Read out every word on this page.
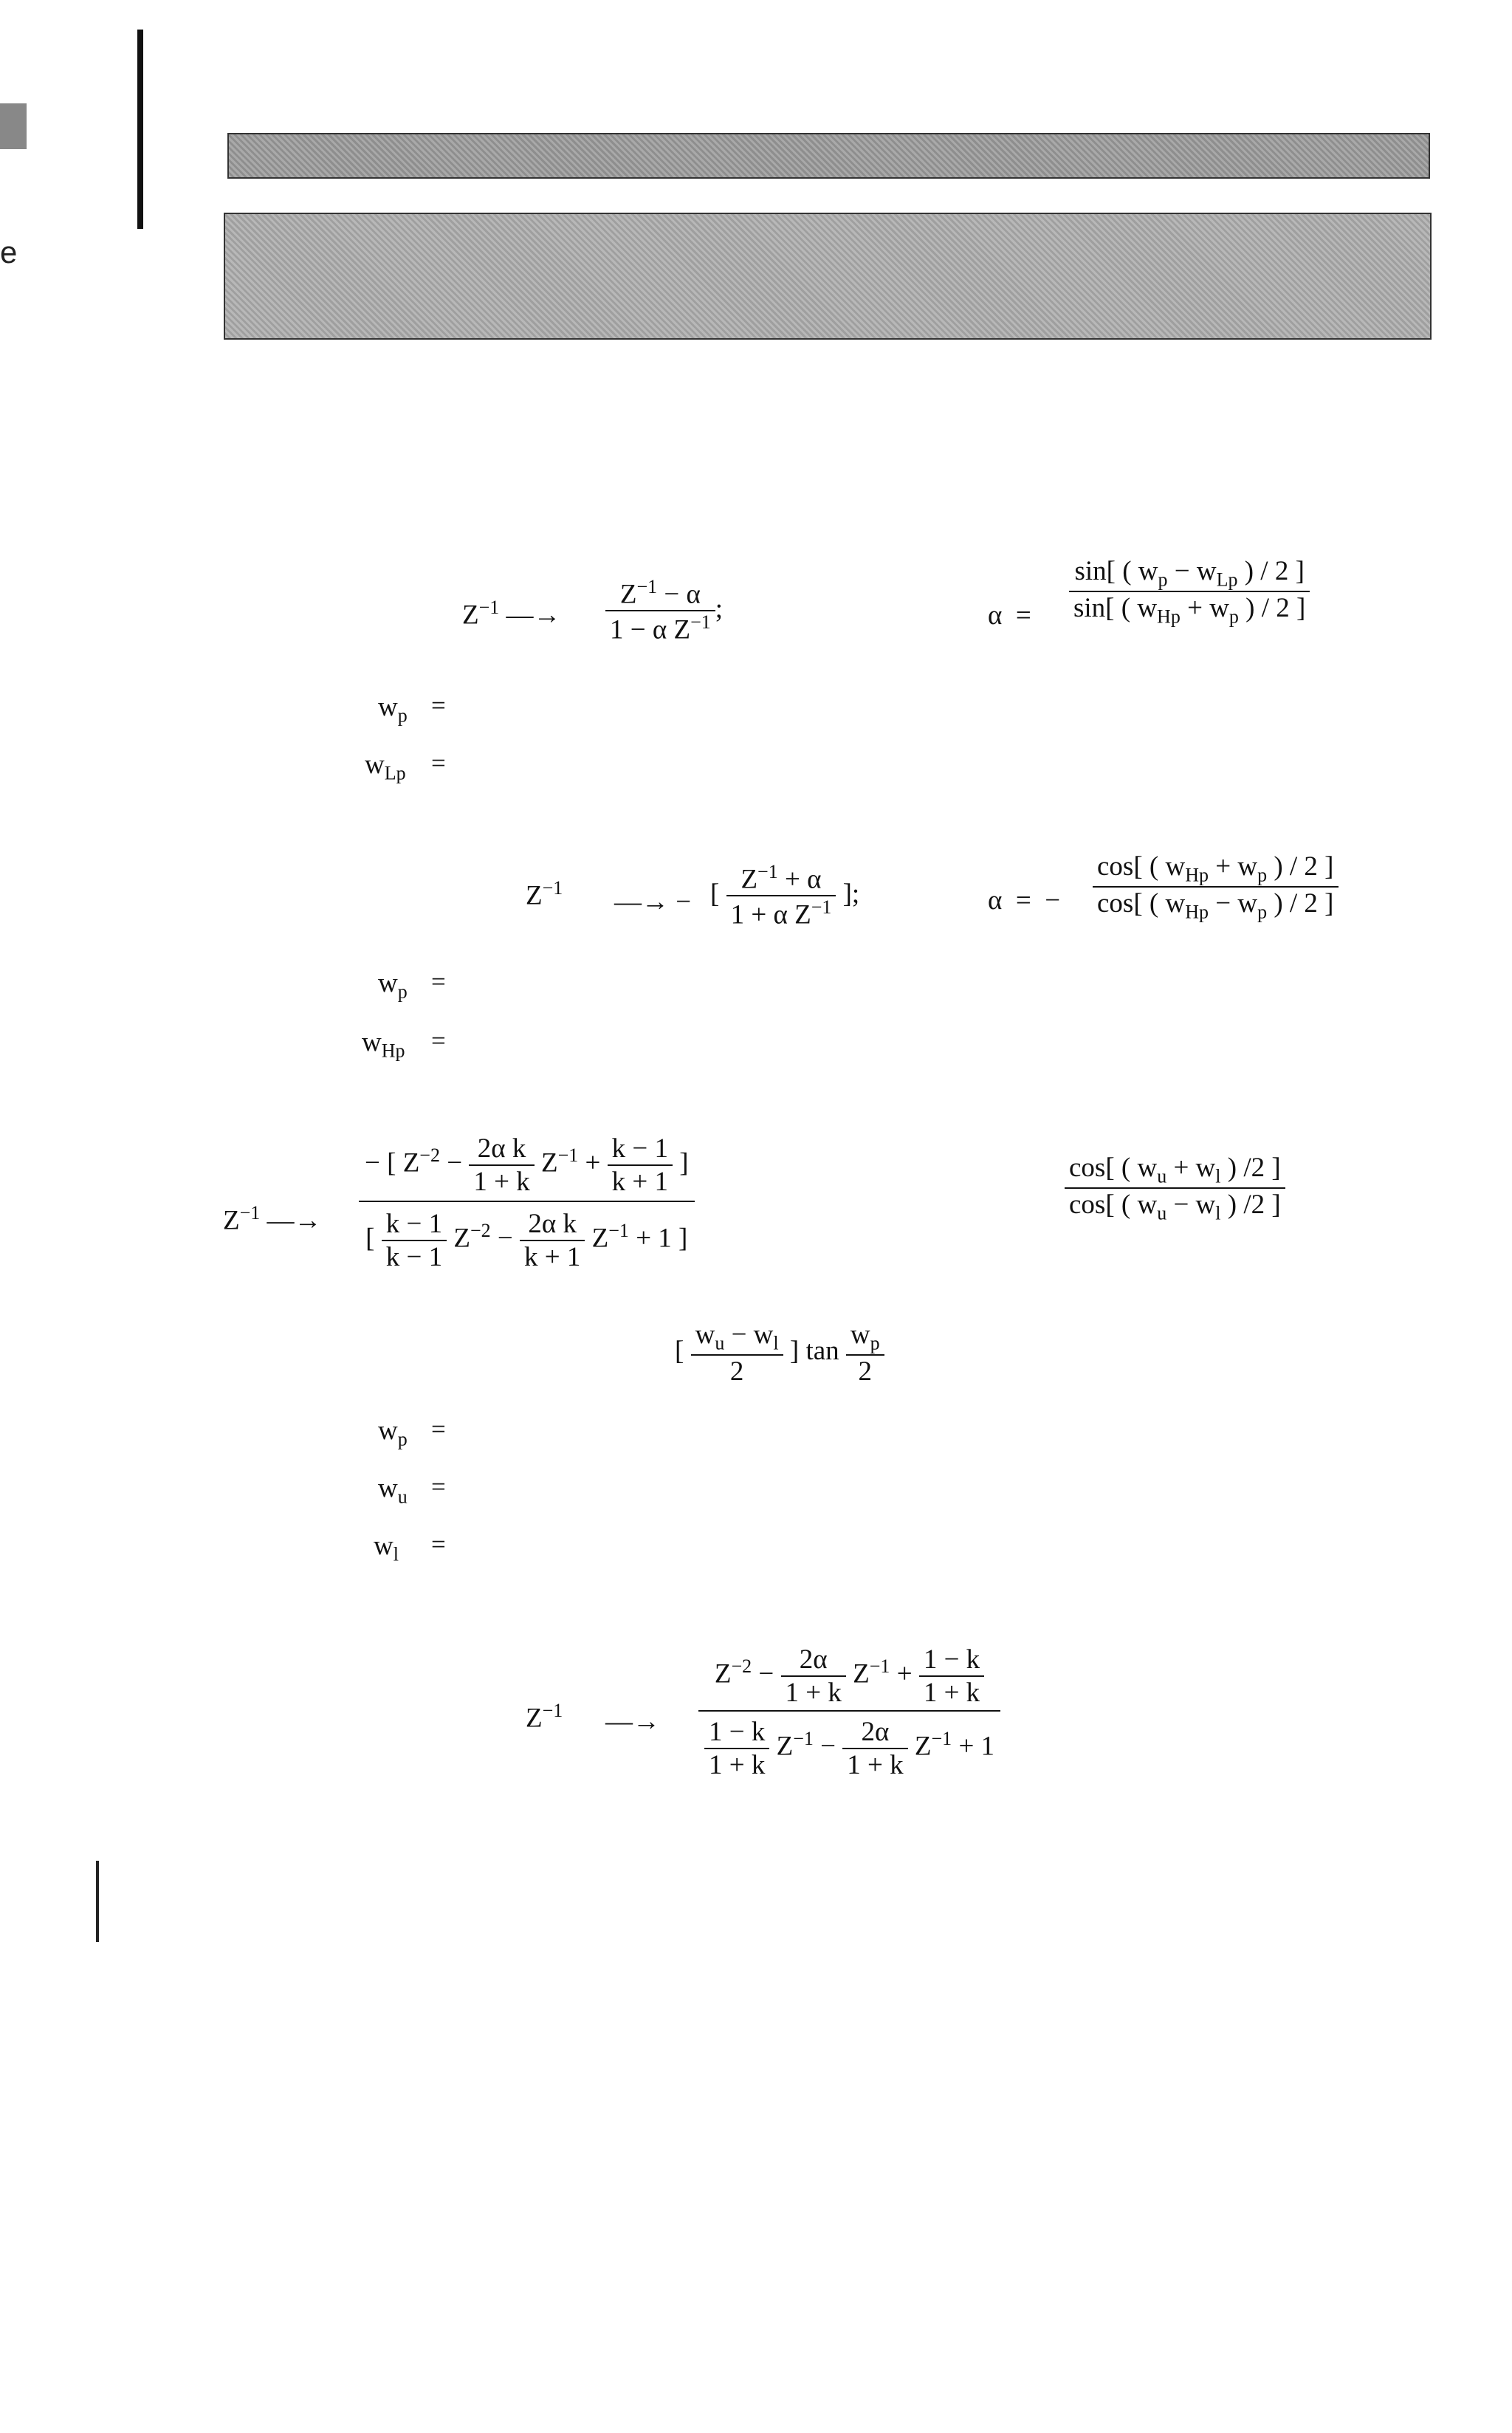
e
$Z^{-1}$ —→ $\frac{Z^{-1} - \alpha}{1 - \alpha Z^{-1}}$ ;	$\alpha = \frac{\sin[ ( w_p - w_{Lp} ) / 2 ]}{\sin[ ( w_{Hp} + w_p ) / 2 ]}$
$w_p$ =
$w_{Lp}$ =
$Z^{-1}$ —→ − [ $\frac{Z^{-1} + \alpha}{1 + \alpha Z^{-1}}$ ];	α  =  − $\frac{\cos[ ( w_{Hp} + w_p ) / 2 ]}{\cos[ ( w_{Hp} - w_p ) / 2 ]}$
$w_p$ =
$w_{Hp}$ =
$Z^{-1}$ —→ $\frac{- [ Z^{-2} - \frac{\text{2α k}}{1 + k} Z^{-1} + \frac{k - 1}{k + 1} ]}{[ \frac{k - 1}{k - 1} Z^{-2} - \frac{\text{2α k}}{k + 1} Z^{-1} + 1 ]}$	$\frac{\cos[ ( w_u + w_l ) /2 ]}{\cos[ ( w_u - w_l ) /2 ]}$
[ $\frac{w_u - w_l}{2}$ ] $\tan \frac{w_p}{2}$
$w_p$ =
$w_u$ =
$w_l$ =
$Z^{-1}$ —→ $\frac{Z^{-2} - \frac{2\alpha}{1 + k} Z^{-1} + \frac{1 - k}{1 + k}}{\frac{1 - k}{1 + k} Z^{-1} - \frac{2\alpha}{1 + k} Z^{-1} + 1}$
